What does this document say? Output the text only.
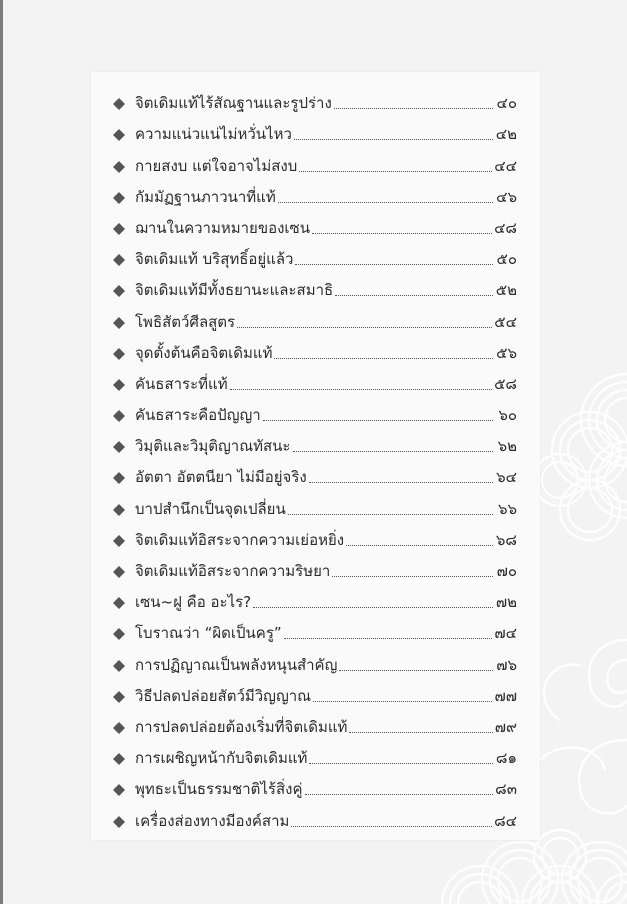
จิตเดิมแท้ไร้สัณฐานและรูปร่าง	๔๐
ความแน่วแน่ไม่หวั่นไหว	๔๒
กายสงบ แต่ใจอาจไม่สงบ	๔๔
กัมมัฏฐานภาวนาที่แท้	๔๖
ฌานในความหมายของเซน	๔๘
จิตเดิมแท้ บริสุทธิ์อยู่แล้ว	๕๐
จิตเดิมแท้มีทั้งธยานะและสมาธิ	๕๒
โพธิสัตว์ศีลสูตร	๕๔
จุดตั้งต้นคือจิตเดิมแท้	๕๖
คันธสาระที่แท้	๕๘
คันธสาระคือปัญญา	๖๐
วิมุติและวิมุติญาณทัสนะ	๖๒
อัตตา อัตตนียา ไม่มีอยู่จริง	๖๔
บาปสำนึกเป็นจุดเปลี่ยน	๖๖
จิตเดิมแท้อิสระจากความเย่อหยิ่ง	๖๘
จิตเดิมแท้อิสระจากความริษยา	๗๐
เซน~ฝู คือ อะไร?	๗๒
โบราณว่า “ผิดเป็นครู”	๗๔
การปฏิญาณเป็นพลังหนุนสำคัญ	๗๖
วิธีปลดปล่อยสัตว์มีวิญญาณ	๗๗
การปลดปล่อยต้องเริ่มที่จิตเดิมแท้	๗๙
การเผชิญหน้ากับจิตเดิมแท้	๘๑
พุทธะเป็นธรรมชาติไร้สิ่งคู่	๘๓
เครื่องส่องทางมีองค์สาม	๘๔
